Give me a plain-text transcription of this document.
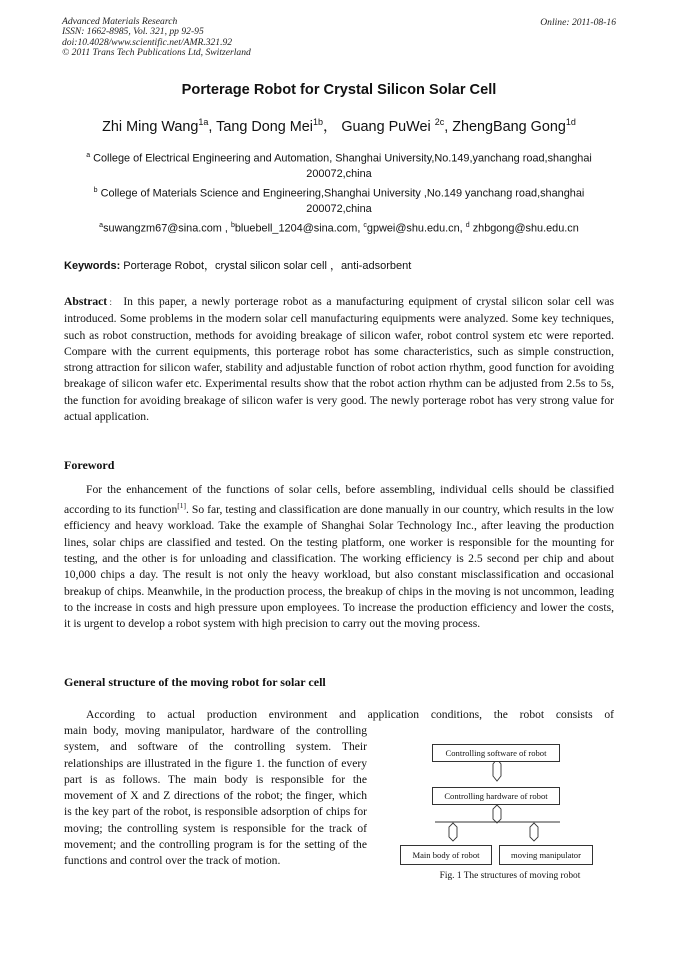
Advanced Materials Research
ISSN: 1662-8985, Vol. 321, pp 92-95
doi:10.4028/www.scientific.net/AMR.321.92
© 2011 Trans Tech Publications Ltd, Switzerland
Online: 2011-08-16
Porterage Robot for Crystal Silicon Solar Cell
Zhi Ming Wang$^{1a}$, Tang Dong Mei$^{1b}$， Guang PuWei $^{2c}$, ZhengBang Gong$^{1d}$
$^a$ College of Electrical Engineering and Automation, Shanghai University,No.149,yanchang road,shanghai 200072,china
$^b$ College of Materials Science and Engineering,Shanghai University ,No.149 yanchang road,shanghai 200072,china
$^a$suwangzm67@sina.com , $^b$bluebell_1204@sina.com, $^c$gpwei@shu.edu.cn, $^d$ zhbgong@shu.edu.cn
Keywords: Porterage Robot，crystal silicon solar cell ，anti-adsorbent
Abstract： In this paper, a newly porterage robot as a manufacturing equipment of crystal silicon solar cell was introduced. Some problems in the modern solar cell manufacturing equipments were analyzed. Some key techniques, such as robot construction, methods for avoiding breakage of silicon wafer, robot control system etc were reported. Compare with the current equipments, this porterage robot has some characteristics, such as simple construction, strong attraction for silicon wafer, stability and adjustable function of robot action rhythm, good function for avoiding breakage of silicon wafer etc. Experimental results show that the robot action rhythm can be adjusted from 2.5s to 5s, the function for avoiding breakage of silicon wafer is very good. The newly porterage robot has very strong value for actual application.
Foreword

For the enhancement of the functions of solar cells, before assembling, individual cells should be classified according to its function[1]. So far, testing and classification are done manually in our country, which results in the low efficiency and heavy workload. Take the example of Shanghai Solar Technology Inc., after leaving the production lines, solar chips are classified and tested. On the testing platform, one worker is responsible for the mounting for testing, and the other is for unloading and classification. The working efficiency is 2.5 second per chip and about 10,000 chips a day. The result is not only the heavy workload, but also constant misclassification and occasional breakup of chips. Meanwhile, in the production process, the breakup of chips in the moving is not uncommon, leading to the increase in costs and high pressure upon employees. To increase the production efficiency and lower the costs, it is urgent to develop a robot system with high precision to carry out the moving process.

General structure of the moving robot for solar cell

According to actual production environment and application conditions, the robot consists of

main body, moving manipulator, hardware of the controlling system, and software of the controlling system. Their relationships are illustrated in the figure 1. the function of every part is as follows. The main body is responsible for the movement of X and Z directions of the robot; the finger, which is the key part of the robot, is responsible adsorption of chips for moving; the controlling system is responsible for the track of movement; and the controlling program is for the setting of the functions and control over the track of motion.

Controlling software of robot
Controlling hardware of robot
Main body of robot	moving manipulator
Fig. 1 The structures of moving robot
